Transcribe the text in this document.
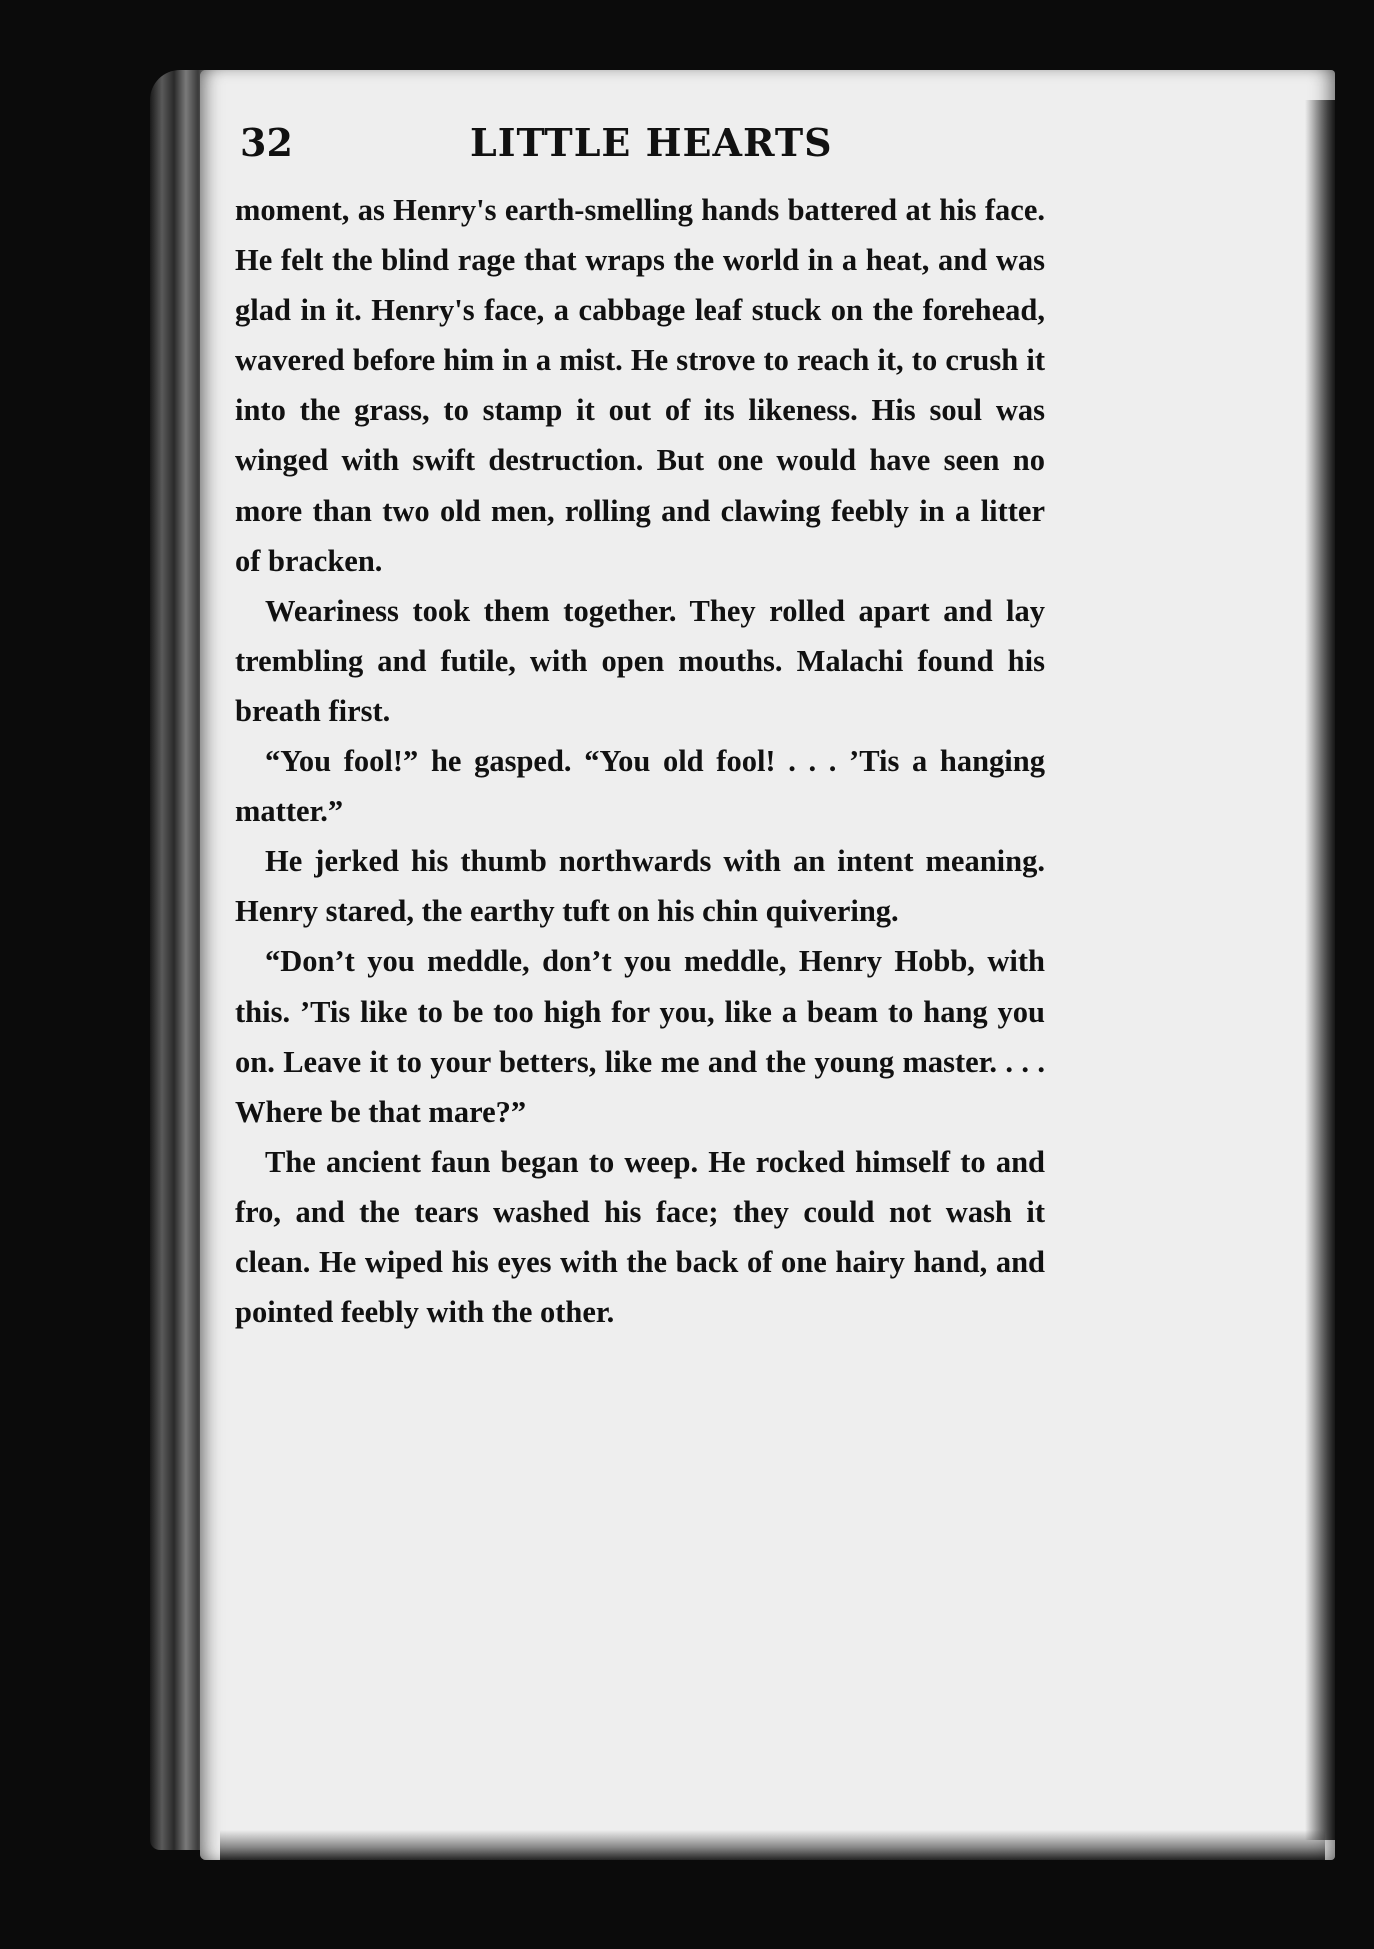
32	LITTLE HEARTS

moment, as Henry's earth-smelling hands battered at his face. He felt the blind rage that wraps the world in a heat, and was glad in it. Henry's face, a cabbage leaf stuck on the forehead, wavered before him in a mist. He strove to reach it, to crush it into the grass, to stamp it out of its likeness. His soul was winged with swift destruction. But one would have seen no more than two old men, rolling and clawing feebly in a litter of bracken.

Weariness took them together. They rolled apart and lay trembling and futile, with open mouths. Malachi found his breath first.

“You fool!” he gasped. “You old fool! . . . ’Tis a hanging matter.”

He jerked his thumb northwards with an intent meaning. Henry stared, the earthy tuft on his chin quivering.

“Don’t you meddle, don’t you meddle, Henry Hobb, with this. ’Tis like to be too high for you, like a beam to hang you on. Leave it to your betters, like me and the young master. . . . Where be that mare?”

The ancient faun began to weep. He rocked himself to and fro, and the tears washed his face; they could not wash it clean. He wiped his eyes with the back of one hairy hand, and pointed feebly with the other.
